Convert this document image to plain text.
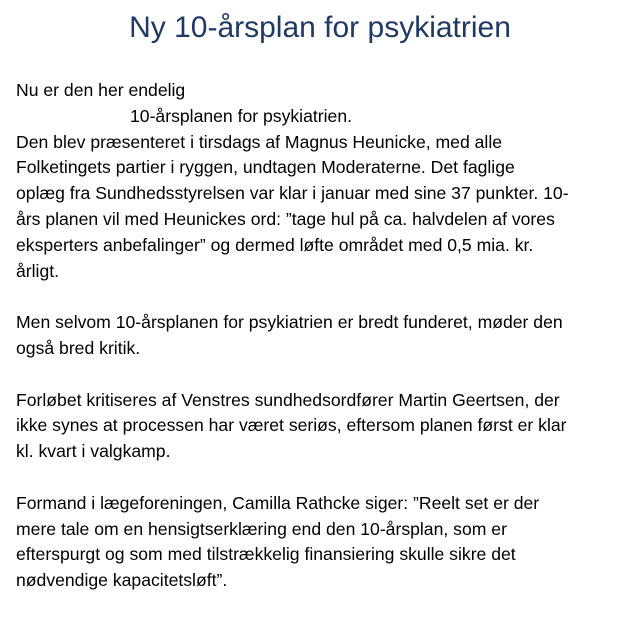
Ny 10-årsplan for psykiatrien

Nu er den her endelig
10-årsplanen for psykiatrien.
Den blev præsenteret i tirsdags af Magnus Heunicke, med alle
Folketingets partier i ryggen, undtagen Moderaterne. Det faglige
oplæg fra Sundhedsstyrelsen var klar i januar med sine 37 punkter. 10-
års planen vil med Heunickes ord: ”tage hul på ca. halvdelen af vores
eksperters anbefalinger” og dermed løfte området med 0,5 mia. kr.
årligt.

Men selvom 10-årsplanen for psykiatrien er bredt funderet, møder den
også bred kritik.

Forløbet kritiseres af Venstres sundhedsordfører Martin Geertsen, der
ikke synes at processen har været seriøs, eftersom planen først er klar
kl. kvart i valgkamp.

Formand i lægeforeningen, Camilla Rathcke siger: ”Reelt set er der
mere tale om en hensigtserklæring end den 10-årsplan, som er
efterspurgt og som med tilstrækkelig finansiering skulle sikre det
nødvendige kapacitetsløft”.
